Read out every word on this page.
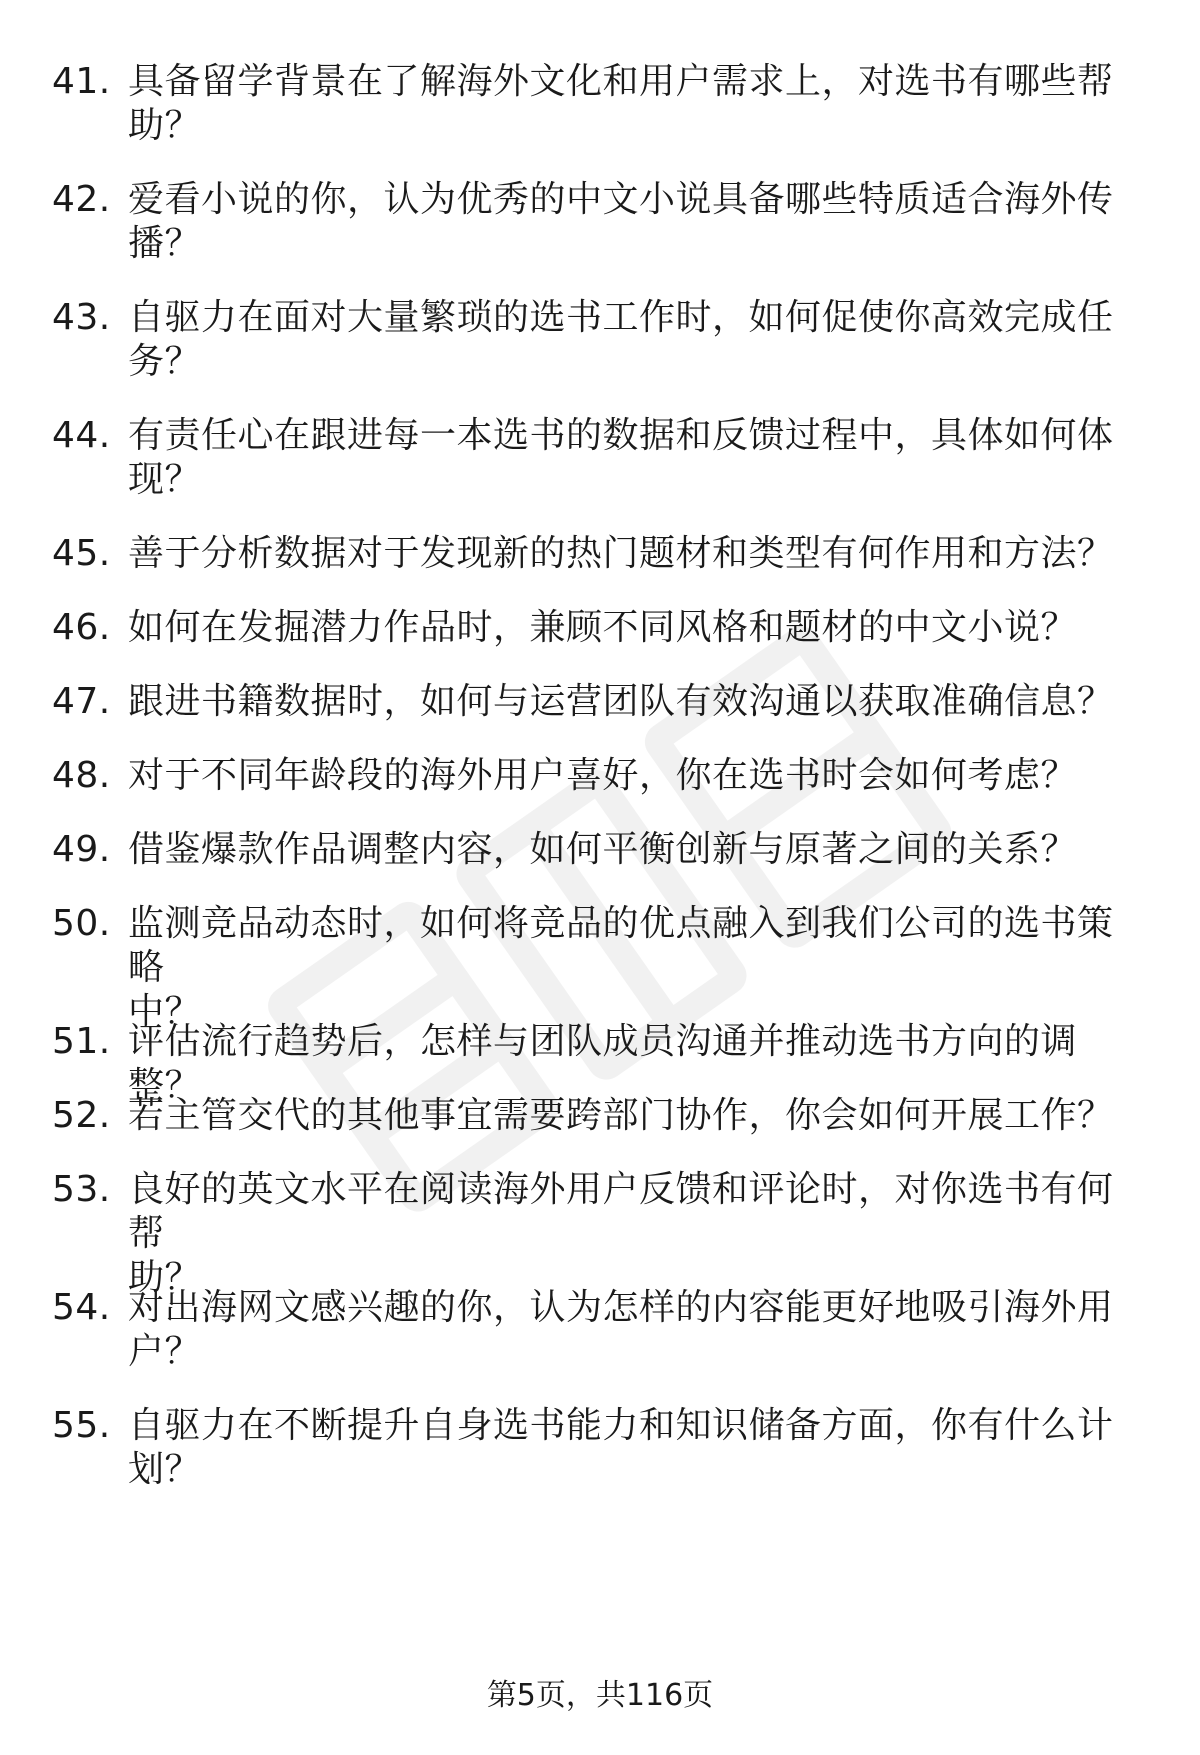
41. 具备留学背景在了解海外文化和用户需求上，对选书有哪些帮
助？
42. 爱看小说的你，认为优秀的中文小说具备哪些特质适合海外传
播？
43. 自驱力在面对大量繁琐的选书工作时，如何促使你高效完成任
务？
44. 有责任心在跟进每一本选书的数据和反馈过程中，具体如何体
现？
45. 善于分析数据对于发现新的热门题材和类型有何作用和方法？
46. 如何在发掘潜力作品时，兼顾不同风格和题材的中文小说？
47. 跟进书籍数据时，如何与运营团队有效沟通以获取准确信息？
48. 对于不同年龄段的海外用户喜好，你在选书时会如何考虑？
49. 借鉴爆款作品调整内容，如何平衡创新与原著之间的关系？
50. 监测竞品动态时，如何将竞品的优点融入到我们公司的选书策略
中？
51. 评估流行趋势后，怎样与团队成员沟通并推动选书方向的调整？
52. 若主管交代的其他事宜需要跨部门协作，你会如何开展工作？
53. 良好的英文水平在阅读海外用户反馈和评论时，对你选书有何帮
助？
54. 对出海网文感兴趣的你，认为怎样的内容能更好地吸引海外用
户？
55. 自驱力在不断提升自身选书能力和知识储备方面，你有什么计
划？
第5页，共116页
